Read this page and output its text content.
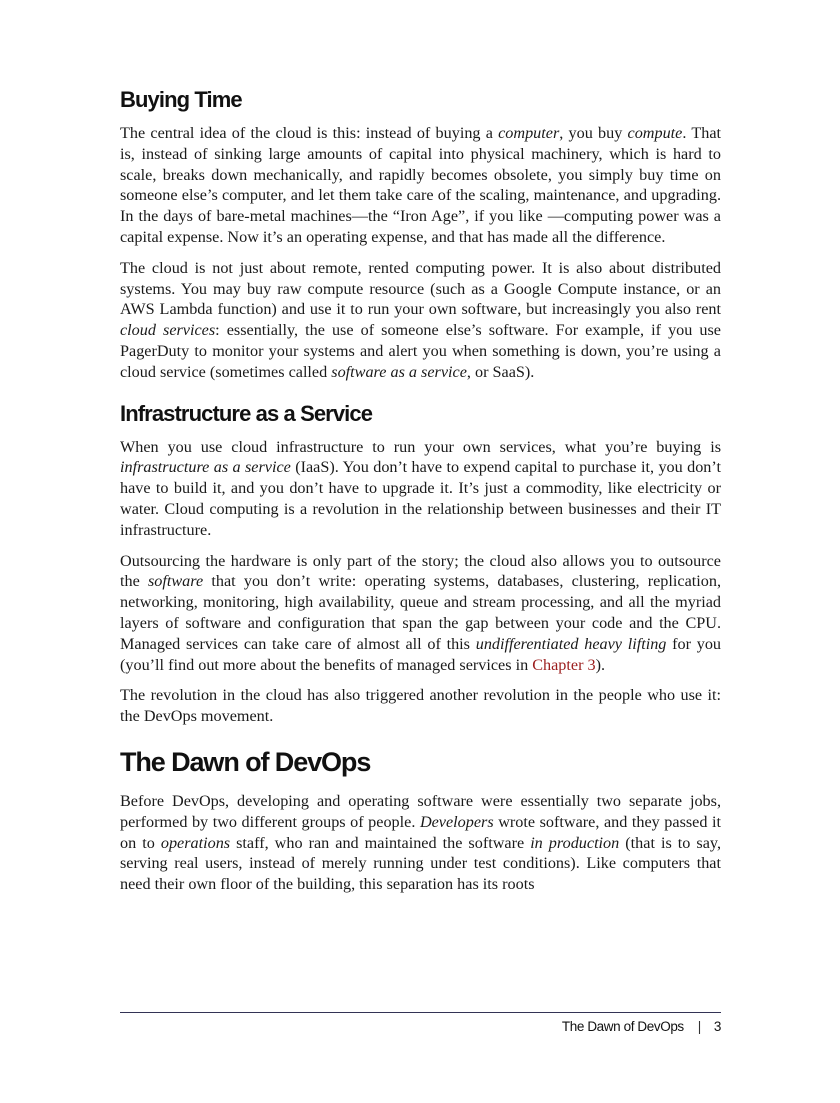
Buying Time

The central idea of the cloud is this: instead of buying a computer, you buy compute. That is, instead of sinking large amounts of capital into physical machinery, which is hard to scale, breaks down mechanically, and rapidly becomes obsolete, you simply buy time on someone else’s computer, and let them take care of the scaling, maintenance, and upgrading. In the days of bare-metal machines—the “Iron Age”, if you like —computing power was a capital expense. Now it’s an operating expense, and that has made all the difference.

The cloud is not just about remote, rented computing power. It is also about distributed systems. You may buy raw compute resource (such as a Google Compute instance, or an AWS Lambda function) and use it to run your own software, but increasingly you also rent cloud services: essentially, the use of someone else’s software. For example, if you use PagerDuty to monitor your systems and alert you when something is down, you’re using a cloud service (sometimes called software as a service, or SaaS).

Infrastructure as a Service

When you use cloud infrastructure to run your own services, what you’re buying is infrastructure as a service (IaaS). You don’t have to expend capital to purchase it, you don’t have to build it, and you don’t have to upgrade it. It’s just a commodity, like electricity or water. Cloud computing is a revolution in the relationship between businesses and their IT infrastructure.

Outsourcing the hardware is only part of the story; the cloud also allows you to outsource the software that you don’t write: operating systems, databases, clustering, replication, networking, monitoring, high availability, queue and stream processing, and all the myriad layers of software and configuration that span the gap between your code and the CPU. Managed services can take care of almost all of this undifferentiated heavy lifting for you (you’ll find out more about the benefits of managed services in Chapter 3).

The revolution in the cloud has also triggered another revolution in the people who use it: the DevOps movement.

The Dawn of DevOps

Before DevOps, developing and operating software were essentially two separate jobs, performed by two different groups of people. Developers wrote software, and they passed it on to operations staff, who ran and maintained the software in production (that is to say, serving real users, instead of merely running under test conditions). Like computers that need their own floor of the building, this separation has its roots

The Dawn of DevOps | 3
